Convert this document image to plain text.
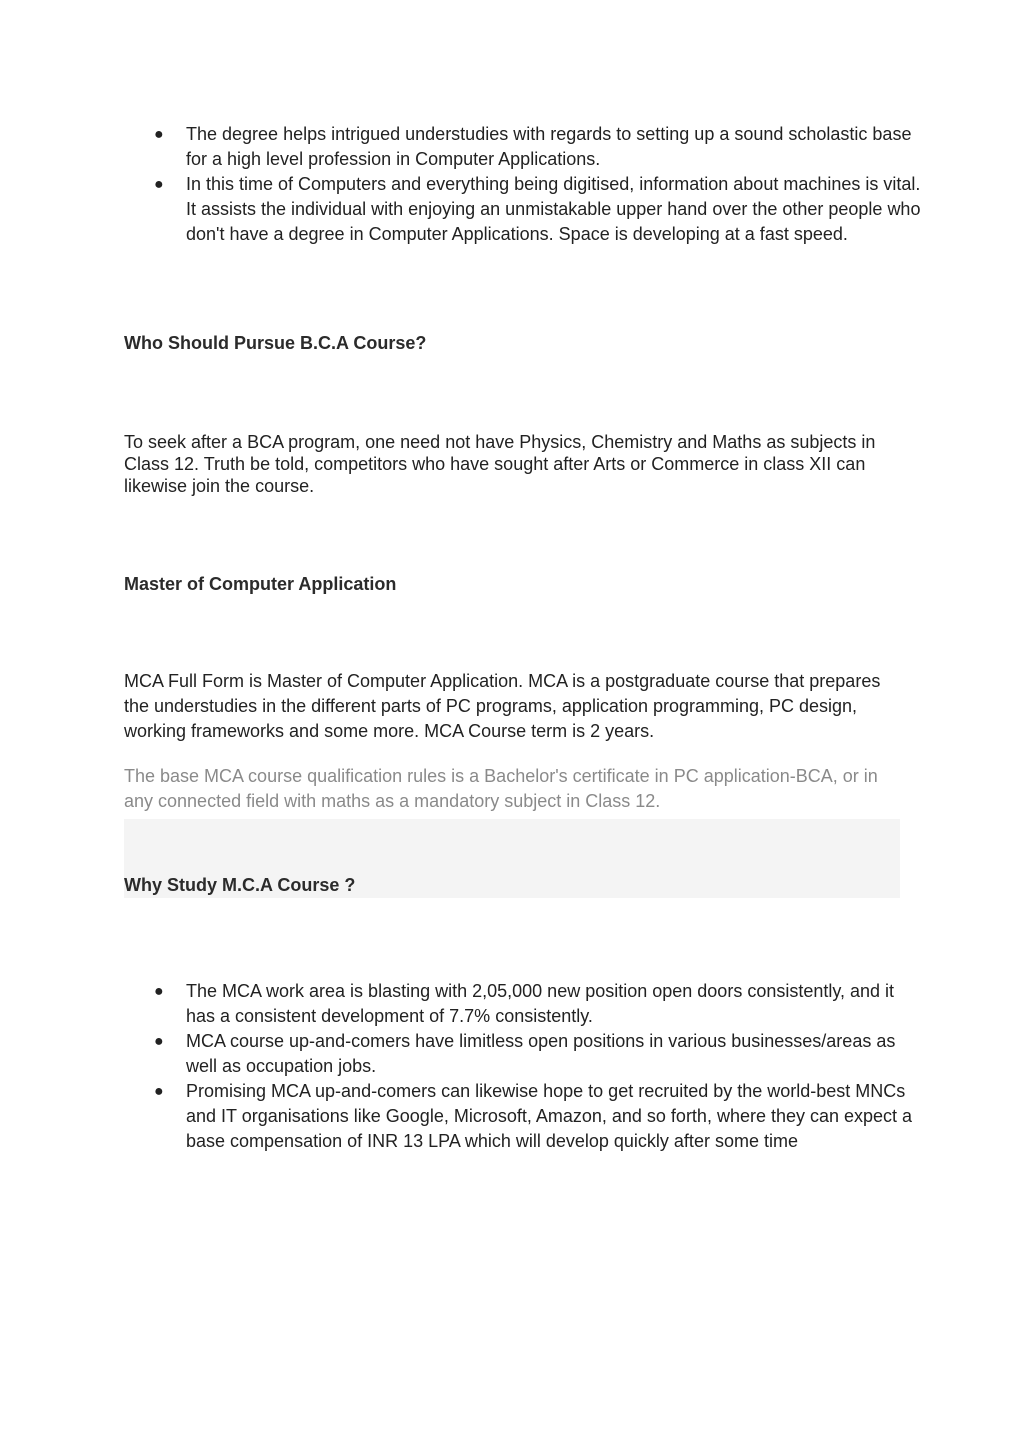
●	The degree helps intrigued understudies with regards to setting up a sound scholastic base for a high level profession in Computer Applications.
●	In this time of Computers and everything being digitised, information about machines is vital. It assists the individual with enjoying an unmistakable upper hand over the other people who don't have a degree in Computer Applications. Space is developing at a fast speed.
Who Should Pursue B.C.A Course?

To seek after a BCA program, one need not have Physics, Chemistry and Maths as subjects in Class 12. Truth be told, competitors who have sought after Arts or Commerce in class XII can likewise join the course.

Master of Computer Application

MCA Full Form is Master of Computer Application. MCA is a postgraduate course that prepares the understudies in the different parts of PC programs, application programming, PC design, working frameworks and some more. MCA Course term is 2 years.

The base MCA course qualification rules is a Bachelor's certificate in PC application-BCA, or in any connected field with maths as a mandatory subject in Class 12.

Why Study M.C.A Course ?
●	The MCA work area is blasting with 2,05,000 new position open doors consistently, and it has a consistent development of 7.7% consistently.
●	MCA course up-and-comers have limitless open positions in various businesses/areas as well as occupation jobs.
●	Promising MCA up-and-comers can likewise hope to get recruited by the world-best MNCs and IT organisations like Google, Microsoft, Amazon, and so forth, where they can expect a base compensation of INR 13 LPA which will develop quickly after some time
